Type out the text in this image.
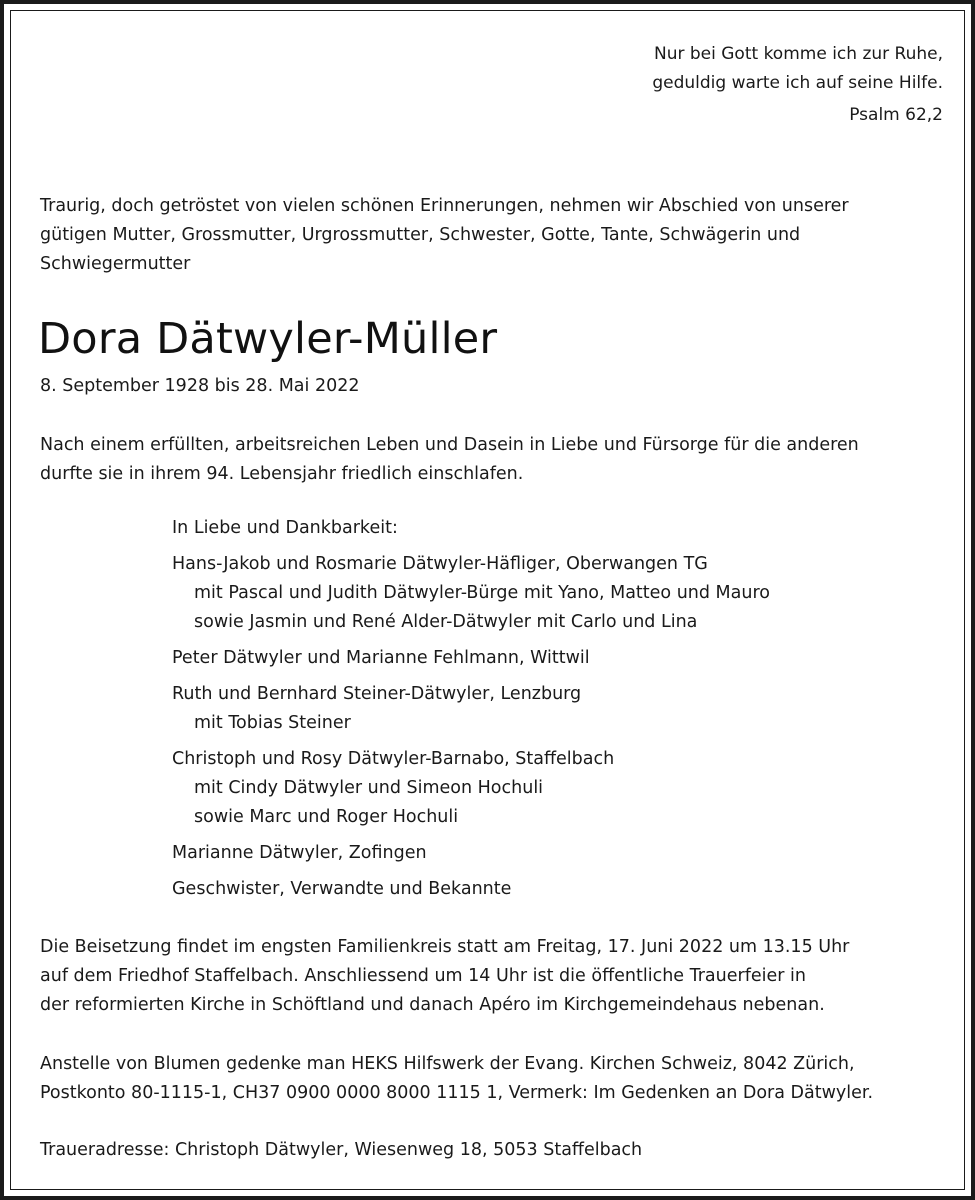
Nur bei Gott komme ich zur Ruhe,
geduldig warte ich auf seine Hilfe.
Psalm 62,2
Traurig, doch getröstet von vielen schönen Erinnerungen, nehmen wir Abschied von unserer
gütigen Mutter, Grossmutter, Urgrossmutter, Schwester, Gotte, Tante, Schwägerin und
Schwiegermutter
Dora Dätwyler-Müller
8. September 1928 bis 28. Mai 2022
Nach einem erfüllten, arbeitsreichen Leben und Dasein in Liebe und Fürsorge für die anderen
durfte sie in ihrem 94. Lebensjahr friedlich einschlafen.
In Liebe und Dankbarkeit:
Hans-Jakob und Rosmarie Dätwyler-Häfliger, Oberwangen TG
mit Pascal und Judith Dätwyler-Bürge mit Yano, Matteo und Mauro
sowie Jasmin und René Alder-Dätwyler mit Carlo und Lina
Peter Dätwyler und Marianne Fehlmann, Wittwil
Ruth und Bernhard Steiner-Dätwyler, Lenzburg
mit Tobias Steiner
Christoph und Rosy Dätwyler-Barnabo, Staffelbach
mit Cindy Dätwyler und Simeon Hochuli
sowie Marc und Roger Hochuli
Marianne Dätwyler, Zofingen
Geschwister, Verwandte und Bekannte
Die Beisetzung findet im engsten Familienkreis statt am Freitag, 17. Juni 2022 um 13.15 Uhr
auf dem Friedhof Staffelbach. Anschliessend um 14 Uhr ist die öffentliche Trauerfeier in
der reformierten Kirche in Schöftland und danach Apéro im Kirchgemeindehaus nebenan.
Anstelle von Blumen gedenke man HEKS Hilfswerk der Evang. Kirchen Schweiz, 8042 Zürich,
Postkonto 80-1115-1, CH37 0900 0000 8000 1115 1, Vermerk: Im Gedenken an Dora Dätwyler.
Traueradresse: Christoph Dätwyler, Wiesenweg 18, 5053 Staffelbach
